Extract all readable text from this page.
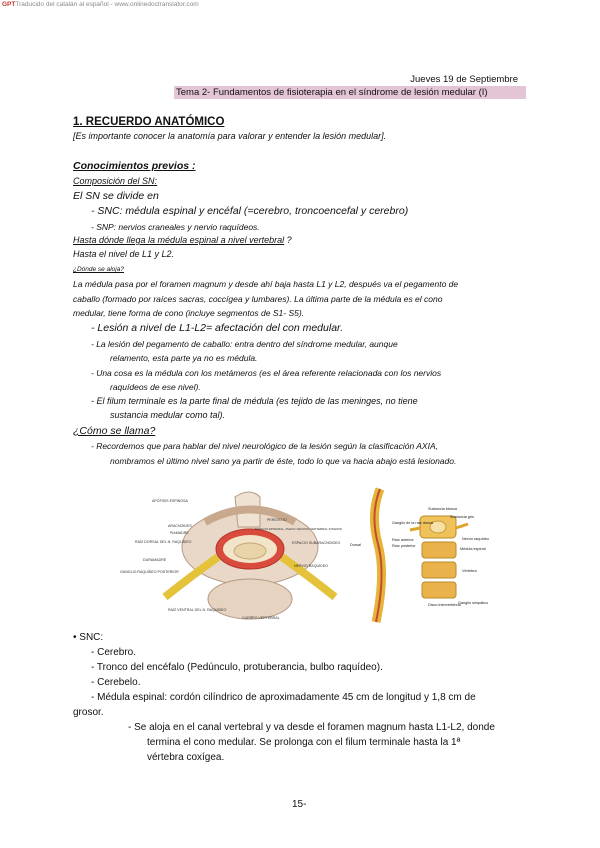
GPTTraducido del catalán al español - www.onlinedoctranslator.com
Jueves 19 de Septiembre
Tema 2- Fundamentos de fisioterapia en el síndrome de lesión medular (I)
1. RECUERDO ANATÓMICO
[Es importante conocer la anatomía para valorar y entender la lesión medular].
Conocimientos previos :
Composición del SN:
El SN se divide en
- SNC: médula espinal y encéfal (=cerebro, troncoencefal y cerebro)
- SNP: nervios craneales y nervio raquídeos.
Hasta dónde llega la médula espinal a nivel vertebral ?
Hasta el nivel de L1 y L2.
¿Dónde se aloja?
La médula pasa por el foramen magnum y desde ahí baja hasta L1 y L2, después va el pegamento de
caballo (formado por raíces sacras, coccígea y lumbares). La última parte de la médula es el cono
medular, tiene forma de cono (incluye segmentos de S1- S5).
- Lesión a nivel de L1-L2= afectación del con medular.
- La lesión del pegamento de caballo: entra dentro del síndrome medular, aunque
relamento, esta parte ya no es médula.
- Una cosa es la médula con los metámeros (es el área referente relacionada con los nervios
raquídeos de ese nivel).
- El filum terminale es la parte final de médula (es tejido de las meninges, no tiene
sustancia medular como tal).
¿Cómo se llama?
- Recordemos que para hablar del nivel neurológico de la lesión según la clasificación AXIA,
nombramos el último nivel sano ya partir de éste, todo lo que va hacia abajo está lesionado.
APÓFISIS ESPINOSA
ARACNOIDES
PIAMADRE
RAÍZ DORSAL DEL N. RAQUÍDEO
DURAMADRE
GANGLIO RAQUÍDEO POSTERIOR
RAÍZ VENTRAL DEL N. RAQUÍDEO
PERIOSTIO
ESPACIO EPIDURAL, PLEXO VENOSO VERTEBRAL INTERNO
ESPACIO SUBARACNOIDEO
NERVIO RAQUÍDEO
CUERPO VERTEBRAL
Dorsal
Sustancia blanca
Sustancia gris
Raíz anterior
Raíz posterior
Ganglio de la raíz dorsal
Nervio raquídeo
Médula espinal
Vértebra
Disco intervertebral
Ganglio simpático
• SNC:
- Cerebro.
- Tronco del encéfalo (Pedúnculo, protuberancia, bulbo raquídeo).
- Cerebelo.
- Médula espinal: cordón cilíndrico de aproximadamente 45 cm de longitud y 1,8 cm de
grosor.
- Se aloja en el canal vertebral y va desde el foramen magnum hasta L1-L2, donde
termina el cono medular. Se prolonga con el filum terminale hasta la 1ª
vértebra coxígea.
15-
